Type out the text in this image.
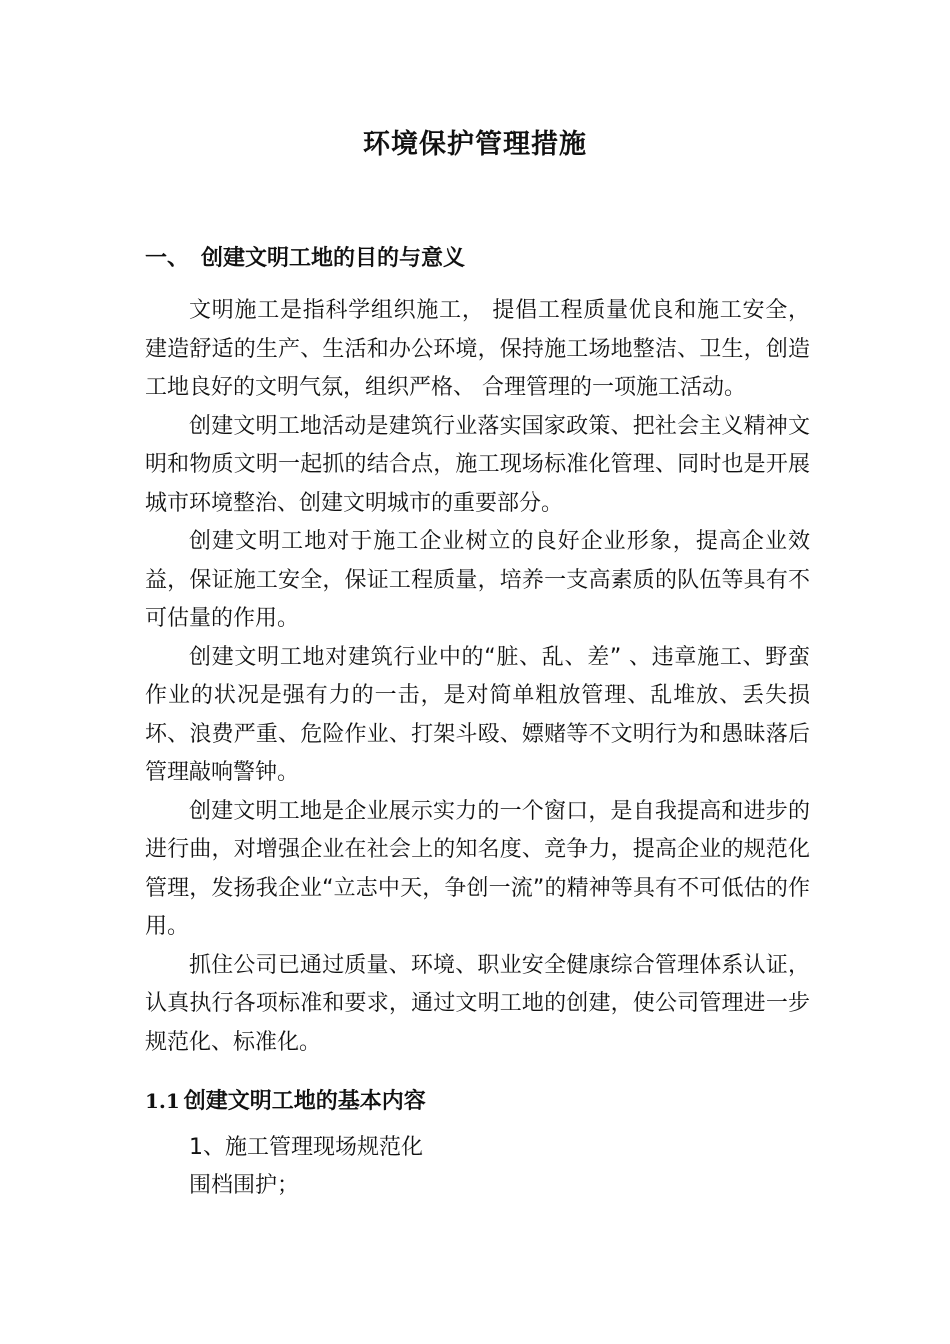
环境保护管理措施
一、 创建文明工地的目的与意义

文明施工是指科学组织施工， 提倡工程质量优良和施工安全，建造舒适的生产、生活和办公环境，保持施工场地整洁、卫生，创造工地良好的文明气氛，组织严格、 合理管理的一项施工活动。

创建文明工地活动是建筑行业落实国家政策、把社会主义精神文明和物质文明一起抓的结合点，施工现场标准化管理、同时也是开展城市环境整治、创建文明城市的重要部分。

创建文明工地对于施工企业树立的良好企业形象，提高企业效益，保证施工安全，保证工程质量，培养一支高素质的队伍等具有不可估量的作用。

创建文明工地对建筑行业中的“脏、乱、差” 、违章施工、野蛮作业的状况是强有力的一击，是对简单粗放管理、乱堆放、丢失损坏、浪费严重、危险作业、打架斗殴、嫖赌等不文明行为和愚昧落后管理敲响警钟。

创建文明工地是企业展示实力的一个窗口，是自我提高和进步的进行曲，对增强企业在社会上的知名度、竞争力，提高企业的规范化管理，发扬我企业“立志中天，争创一流”的精神等具有不可低估的作用。

抓住公司已通过质量、环境、职业安全健康综合管理体系认证，认真执行各项标准和要求，通过文明工地的创建，使公司管理进一步规范化、标准化。

1.1 创建文明工地的基本内容

1、施工管理现场规范化

围档围护；
